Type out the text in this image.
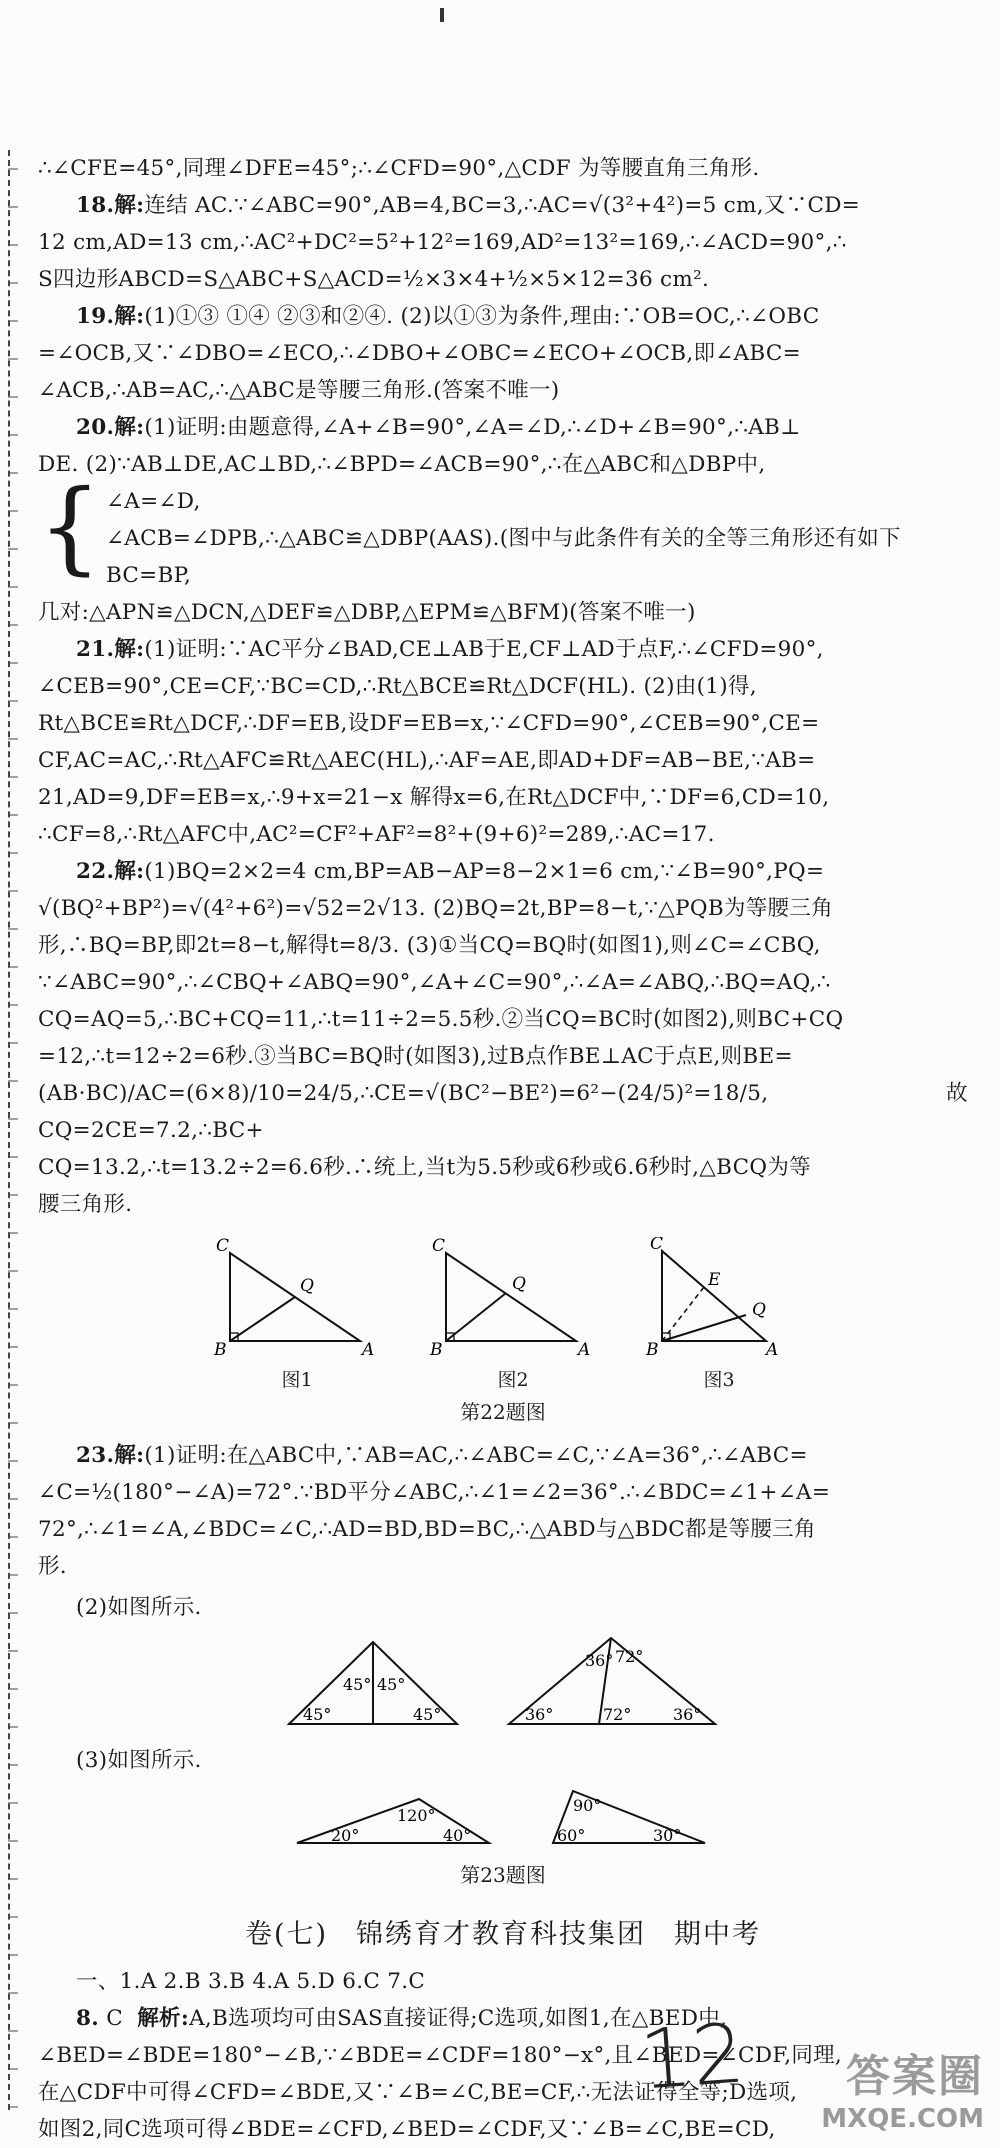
∴∠CFE=45°,同理∠DFE=45°;∴∠CFD=90°,△CDF 为等腰直角三角形.

18.解:连结 AC.∵∠ABC=90°,AB=4,BC=3,∴AC=√(3²+4²)=5 cm,又∵CD=

12 cm,AD=13 cm,∴AC²+DC²=5²+12²=169,AD²=13²=169,∴∠ACD=90°,∴

S四边形ABCD=S△ABC+S△ACD=½×3×4+½×5×12=36 cm².

19.解:(1)①③ ①④ ②③和②④. (2)以①③为条件,理由:∵OB=OC,∴∠OBC

=∠OCB,又∵∠DBO=∠ECO,∴∠DBO+∠OBC=∠ECO+∠OCB,即∠ABC=

∠ACB,∴AB=AC,∴△ABC是等腰三角形.(答案不唯一)

20.解:(1)证明:由题意得,∠A+∠B=90°,∠A=∠D,∴∠D+∠B=90°,∴AB⊥

DE. (2)∵AB⊥DE,AC⊥BD,∴∠BPD=∠ACB=90°,∴在△ABC和△DBP中,

{ ∠A=∠D,
∠ACB=∠DPB,∴△ABC≌△DBP(AAS).(图中与此条件有关的全等三角形还有如下
BC=BP,

几对:△APN≌△DCN,△DEF≌△DBP,△EPM≌△BFM)(答案不唯一)

21.解:(1)证明:∵AC平分∠BAD,CE⊥AB于E,CF⊥AD于点F,∴∠CFD=90°,

∠CEB=90°,CE=CF,∵BC=CD,∴Rt△BCE≌Rt△DCF(HL). (2)由(1)得,

Rt△BCE≌Rt△DCF,∴DF=EB,设DF=EB=x,∵∠CFD=90°,∠CEB=90°,CE=

CF,AC=AC,∴Rt△AFC≌Rt△AEC(HL),∴AF=AE,即AD+DF=AB−BE,∵AB=

21,AD=9,DF=EB=x,∴9+x=21−x 解得x=6,在Rt△DCF中,∵DF=6,CD=10,

∴CF=8,∴Rt△AFC中,AC²=CF²+AF²=8²+(9+6)²=289,∴AC=17.

22.解:(1)BQ=2×2=4 cm,BP=AB−AP=8−2×1=6 cm,∵∠B=90°,PQ=

√(BQ²+BP²)=√(4²+6²)=√52=2√13. (2)BQ=2t,BP=8−t,∵△PQB为等腰三角

形,∴BQ=BP,即2t=8−t,解得t=8/3. (3)①当CQ=BQ时(如图1),则∠C=∠CBQ,

∵∠ABC=90°,∴∠CBQ+∠ABQ=90°,∠A+∠C=90°,∴∠A=∠ABQ,∴BQ=AQ,∴

CQ=AQ=5,∴BC+CQ=11,∴t=11÷2=5.5秒.②当CQ=BC时(如图2),则BC+CQ

=12,∴t=12÷2=6秒.③当BC=BQ时(如图3),过B点作BE⊥AC于点E,则BE=

(AB·BC)/AC=(6×8)/10=24/5,∴CE=√(BC²−BE²)=6²−(24/5)²=18/5,故CQ=2CE=7.2,∴BC+

CQ=13.2,∴t=13.2÷2=6.6秒.∴统上,当t为5.5秒或6秒或6.6秒时,△BCQ为等

腰三角形.

C
B	A
Q
图1
C
B	A
Q
图2
C
B	A
E
Q
图3
第22题图

23.解:(1)证明:在△ABC中,∵AB=AC,∴∠ABC=∠C,∵∠A=36°,∴∠ABC=

∠C=½(180°−∠A)=72°.∵BD平分∠ABC,∴∠1=∠2=36°.∴∠BDC=∠1+∠A=

72°,∴∠1=∠A,∠BDC=∠C,∴AD=BD,BD=BC,∴△ABD与△BDC都是等腰三角

形.

(2)如图所示.

45° 45°
45°	45°
36° 72°
36°	72°	36°

(3)如图所示.

120°
20°	40°
90°
60°	30°
第23题图
卷(七) 锦绣育才教育科技集团 期中考

一、1.A 2.B 3.B 4.A 5.D 6.C 7.C

8. C 解析:A,B选项均可由SAS直接证得;C选项,如图1,在△BED中,

∠BED=∠BDE=180°−∠B,∵∠BDE=∠CDF=180°−x°,且∠BED=∠CDF,同理,

在△CDF中可得∠CFD=∠BDE,又∵∠B=∠C,BE=CF,∴无法证得全等;D选项,

如图2,同C选项可得∠BDE=∠CFD,∠BED=∠CDF,又∵∠B=∠C,BE=CD,

12	答案圈
MXQE.COM
